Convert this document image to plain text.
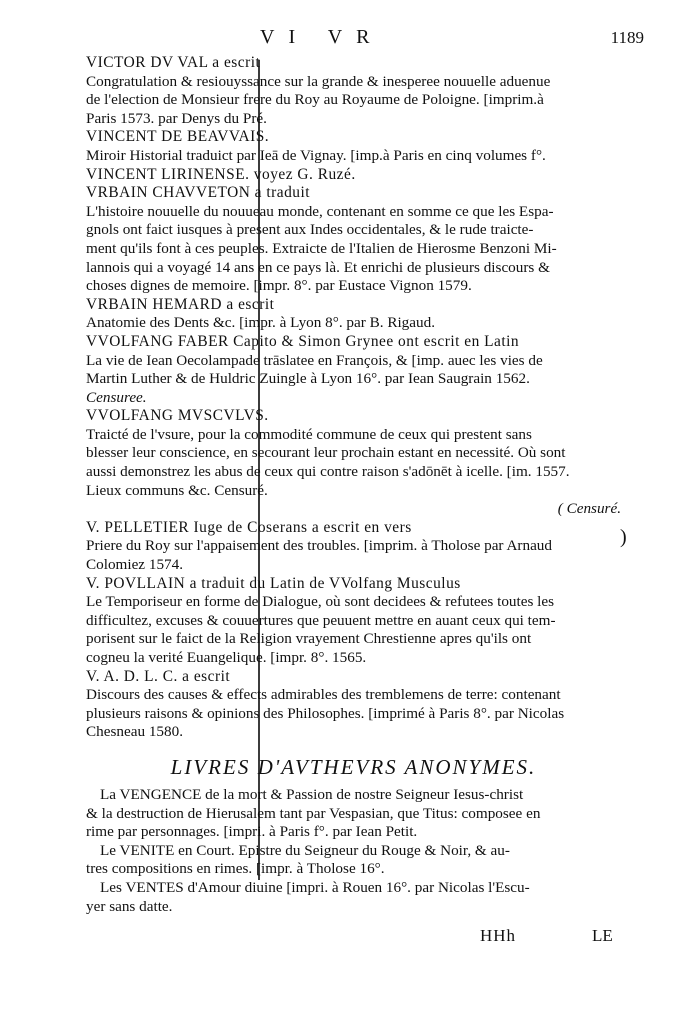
VI VR	1189
VICTOR DV VAL a escrit
Congratulation & resiouyssance sur la grande & inesperee nouuelle aduenue
de l'election de Monsieur frere du Roy au Royaume de Poloigne. [imprim.à
Paris 1573. par Denys du Pré.
VINCENT DE BEAVVAIS.
Miroir Historial traduict par Ieā de Vignay. [imp.à Paris en cinq volumes f°.
VINCENT LIRINENSE. voyez G. Ruzé.
VRBAIN CHAVVETON a traduit
L'histoire nouuelle du nouueau monde, contenant en somme ce que les Espa-
gnols ont faict iusques à present aux Indes occidentales, & le rude traicte-
ment qu'ils font à ces peuples. Extraicte de l'Italien de Hierosme Benzoni Mi-
lannois qui a voyagé 14 ans en ce pays là. Et enrichi de plusieurs discours &
choses dignes de memoire. [impr. 8°. par Eustace Vignon 1579.
VRBAIN HEMARD a escrit
Anatomie des Dents &c. [impr. à Lyon 8°. par B. Rigaud.
VVOLFANG FABER Capito & Simon Grynee ont escrit en Latin
La vie de Iean Oecolampade trāslatee en François, & [imp. auec les vies de
Martin Luther & de Huldric Zuingle à Lyon 16°. par Iean Saugrain 1562.
Censuree.
VVOLFANG MVSCVLVS.
Traicté de l'vsure, pour la commodité commune de ceux qui prestent sans
blesser leur conscience, en secourant leur prochain estant en necessité. Où sont
aussi demonstrez les abus de ceux qui contre raison s'adōnēt à icelle. [im. 1557.
Lieux communs &c. Censuré.
( Censuré.
V. PELLETIER Iuge de Coserans a escrit en vers
Priere du Roy sur l'appaisement des troubles. [imprim. à Tholose par Arnaud
Colomiez 1574.
V. POVLLAIN a traduit du Latin de VVolfang Musculus
Le Temporiseur en forme de Dialogue, où sont decidees & refutees toutes les
difficultez, excuses & couuertures que peuuent mettre en auant ceux qui tem-
porisent sur le faict de la Religion vrayement Chrestienne apres qu'ils ont
cogneu la verité Euangelique. [impr. 8°. 1565.
V. A. D. L. C. a escrit
Discours des causes & effects admirables des tremblemens de terre: contenant
plusieurs raisons & opinions des Philosophes. [imprimé à Paris 8°. par Nicolas
Chesneau 1580.
LIVRES D'AVTHEVRS ANONYMES.
La VENGENCE de la mort & Passion de nostre Seigneur Iesus-christ
& la destruction de Hierusalem tant par Vespasian, que Titus: composee en
rime par personnages. [impri. à Paris f°. par Iean Petit.
Le VENITE en Court. Epistre du Seigneur du Rouge & Noir, & au-
tres compositions en rimes. [impr. à Tholose 16°.
Les VENTES d'Amour diuine [impri. à Rouen 16°. par Nicolas l'Escu-
yer sans datte.
)
HHh	LE
